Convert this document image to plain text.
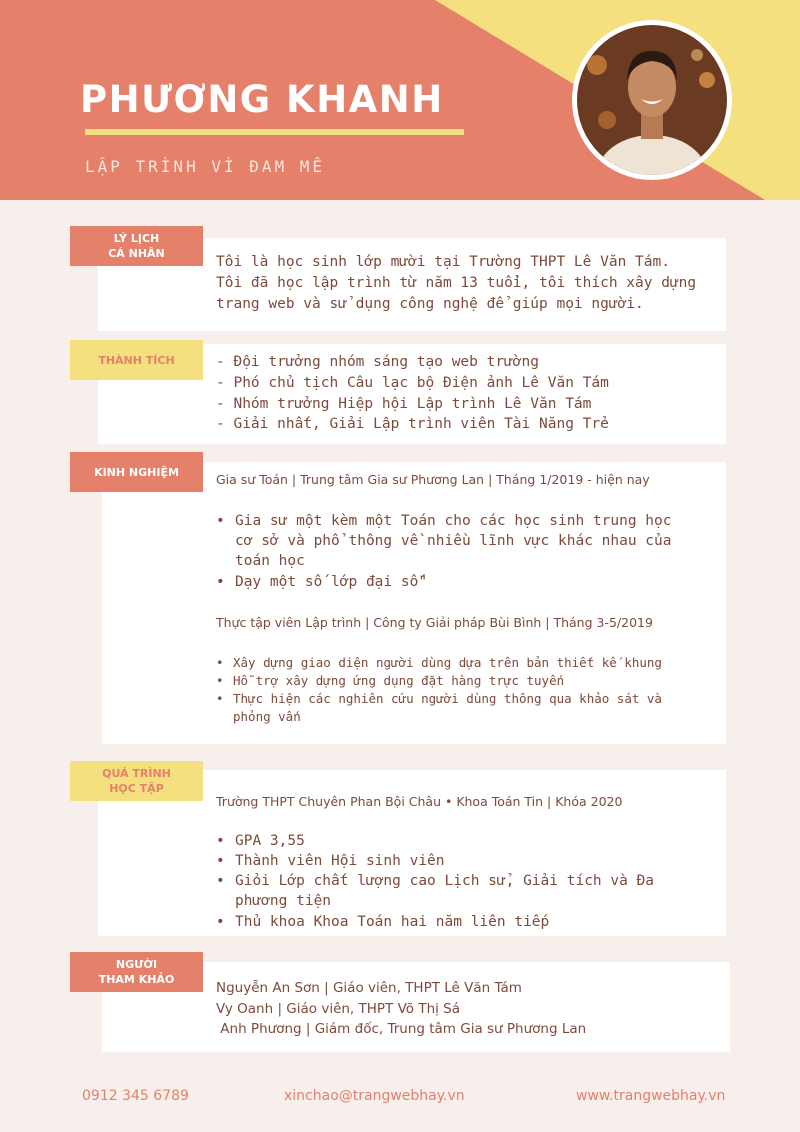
PHƯƠNG KHANH
LẬP TRÌNH VÌ ĐAM MÊ
Tôi là học sinh lớp mười tại Trường THPT Lê Văn Tám.
Tôi đã học lập trình từ năm 13 tuổi, tôi thích xây dựng
trang web và sử dụng công nghệ để giúp mọi người.
LÝ LỊCH
CÁ NHÂN
- Đội trưởng nhóm sáng tạo web trường
- Phó chủ tịch Câu lạc bộ Điện ảnh Lê Văn Tám
- Nhóm trưởng Hiệp hội Lập trình Lê Văn Tám
- Giải nhất, Giải Lập trình viên Tài Năng Trẻ
THÀNH TÍCH
Gia sư Toán | Trung tâm Gia sư Phương Lan | Tháng 1/2019 - hiện nay
• Gia sư một kèm một Toán cho các học sinh trung học
cơ sở và phổ thông về nhiều lĩnh vực khác nhau của
toán học
• Dạy một số lớp đại số"
Thực tập viên Lập trình | Công ty Giải pháp Bùi Bình | Tháng 3-5/2019
• Xây dựng giao diện người dùng dựa trên bản thiết kế khung
• Hỗ trợ xây dựng ứng dụng đặt hàng trực tuyến
• Thực hiện các nghiên cứu người dùng thông qua khảo sát và
phỏng vấn
KINH NGHIỆM
Trường THPT Chuyên Phan Bội Châu • Khoa Toán Tin | Khóa 2020
• GPA 3,55
• Thành viên Hội sinh viên
• Giỏi Lớp chất lượng cao Lịch sử, Giải tích và Đa
phương tiện
• Thủ khoa Khoa Toán hai năm liên tiếp
QUÁ TRÌNH
HỌC TẬP
Nguyễn An Sơn | Giáo viên, THPT Lê Văn Tám
Vy Oanh | Giáo viên, THPT Võ Thị Sá
Anh Phương | Giám đốc, Trung tâm Gia sư Phương Lan
NGƯỜI
THAM KHẢO
0912 345 6789	xinchao@trangwebhay.vn	www.trangwebhay.vn
